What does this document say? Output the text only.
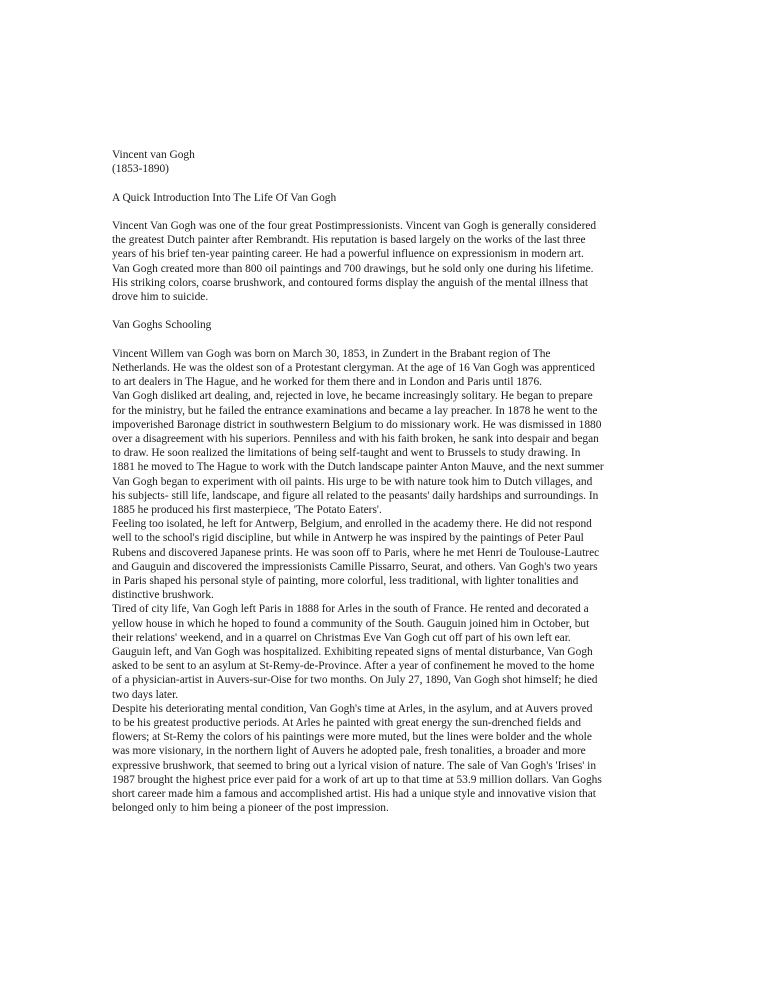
Vincent van Gogh
(1853-1890)
A Quick Introduction Into The Life Of Van Gogh
Vincent Van Gogh was one of the four great Postimpressionists. Vincent van Gogh is generally considered
the greatest Dutch painter after Rembrandt. His reputation is based largely on the works of the last three
years of his brief ten-year painting career. He had a powerful influence on expressionism in modern art.
Van Gogh created more than 800 oil paintings and 700 drawings, but he sold only one during his lifetime.
His striking colors, coarse brushwork, and contoured forms display the anguish of the mental illness that
drove him to suicide.
Van Goghs Schooling
Vincent Willem van Gogh was born on March 30, 1853, in Zundert in the Brabant region of The
Netherlands. He was the oldest son of a Protestant clergyman. At the age of 16 Van Gogh was apprenticed
to art dealers in The Hague, and he worked for them there and in London and Paris until 1876.
Van Gogh disliked art dealing, and, rejected in love, he became increasingly solitary. He began to prepare
for the ministry, but he failed the entrance examinations and became a lay preacher. In 1878 he went to the
impoverished Baronage district in southwestern Belgium to do missionary work. He was dismissed in 1880
over a disagreement with his superiors. Penniless and with his faith broken, he sank into despair and began
to draw. He soon realized the limitations of being self-taught and went to Brussels to study drawing. In
1881 he moved to The Hague to work with the Dutch landscape painter Anton Mauve, and the next summer
Van Gogh began to experiment with oil paints. His urge to be with nature took him to Dutch villages, and
his subjects- still life, landscape, and figure all related to the peasants' daily hardships and surroundings. In
1885 he produced his first masterpiece, 'The Potato Eaters'.
Feeling too isolated, he left for Antwerp, Belgium, and enrolled in the academy there. He did not respond
well to the school's rigid discipline, but while in Antwerp he was inspired by the paintings of Peter Paul
Rubens and discovered Japanese prints. He was soon off to Paris, where he met Henri de Toulouse-Lautrec
and Gauguin and discovered the impressionists Camille Pissarro, Seurat, and others. Van Gogh's two years
in Paris shaped his personal style of painting, more colorful, less traditional, with lighter tonalities and
distinctive brushwork.
Tired of city life, Van Gogh left Paris in 1888 for Arles in the south of France. He rented and decorated a
yellow house in which he hoped to found a community of the South. Gauguin joined him in October, but
their relations' weekend, and in a quarrel on Christmas Eve Van Gogh cut off part of his own left ear.
Gauguin left, and Van Gogh was hospitalized. Exhibiting repeated signs of mental disturbance, Van Gogh
asked to be sent to an asylum at St-Remy-de-Province. After a year of confinement he moved to the home
of a physician-artist in Auvers-sur-Oise for two months. On July 27, 1890, Van Gogh shot himself; he died
two days later.
Despite his deteriorating mental condition, Van Gogh's time at Arles, in the asylum, and at Auvers proved
to be his greatest productive periods. At Arles he painted with great energy the sun-drenched fields and
flowers; at St-Remy the colors of his paintings were more muted, but the lines were bolder and the whole
was more visionary, in the northern light of Auvers he adopted pale, fresh tonalities, a broader and more
expressive brushwork, that seemed to bring out a lyrical vision of nature. The sale of Van Gogh's 'Irises' in
1987 brought the highest price ever paid for a work of art up to that time at 53.9 million dollars. Van Goghs
short career made him a famous and accomplished artist. His had a unique style and innovative vision that
belonged only to him being a pioneer of the post impression.
